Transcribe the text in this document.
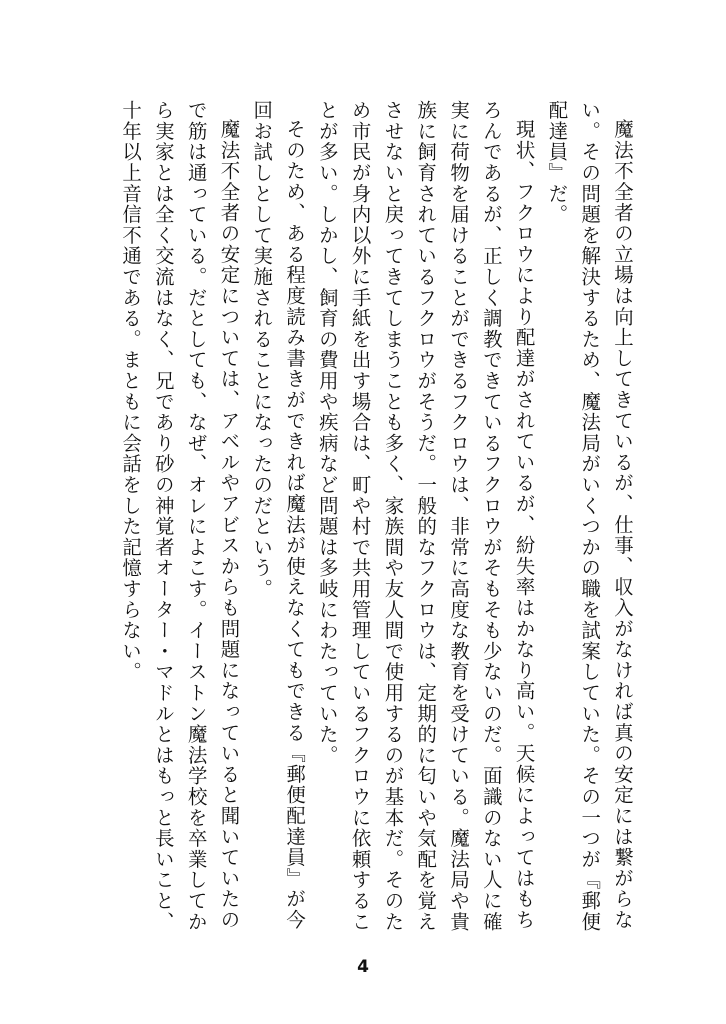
魔法不全者の立場は向上してきているが、仕事、収入がなければ真の安定には繋がらない。その問題を解決するため、魔法局がいくつかの職を試案していた。その一つが『郵便配達員』だ。

現状、フクロウにより配達がされているが、紛失率はかなり高い。天候によってはもちろんであるが、正しく調教できているフクロウがそもそも少ないのだ。面識のない人に確実に荷物を届けることができるフクロウは、非常に高度な教育を受けている。魔法局や貴族に飼育されているフクロウがそうだ。一般的なフクロウは、定期的に匂いや気配を覚えさせないと戻ってきてしまうことも多く、家族間や友人間で使用するのが基本だ。そのため市民が身内以外に手紙を出す場合は、町や村で共用管理しているフクロウに依頼することが多い。しかし、飼育の費用や疾病など問題は多岐にわたっていた。

そのため、ある程度読み書きができれば魔法が使えなくてもできる『郵便配達員』が今回お試しとして実施されることになったのだという。

魔法不全者の安定については、アベルやアビスからも問題になっていると聞いていたので筋は通っている。だとしても、なぜ、オレによこす。イーストン魔法学校を卒業してから実家とは全く交流はなく、兄であり砂の神覚者オーター・マドルとはもっと長いこと、十年以上音信不通である。まともに会話をした記憶すらない。

4
